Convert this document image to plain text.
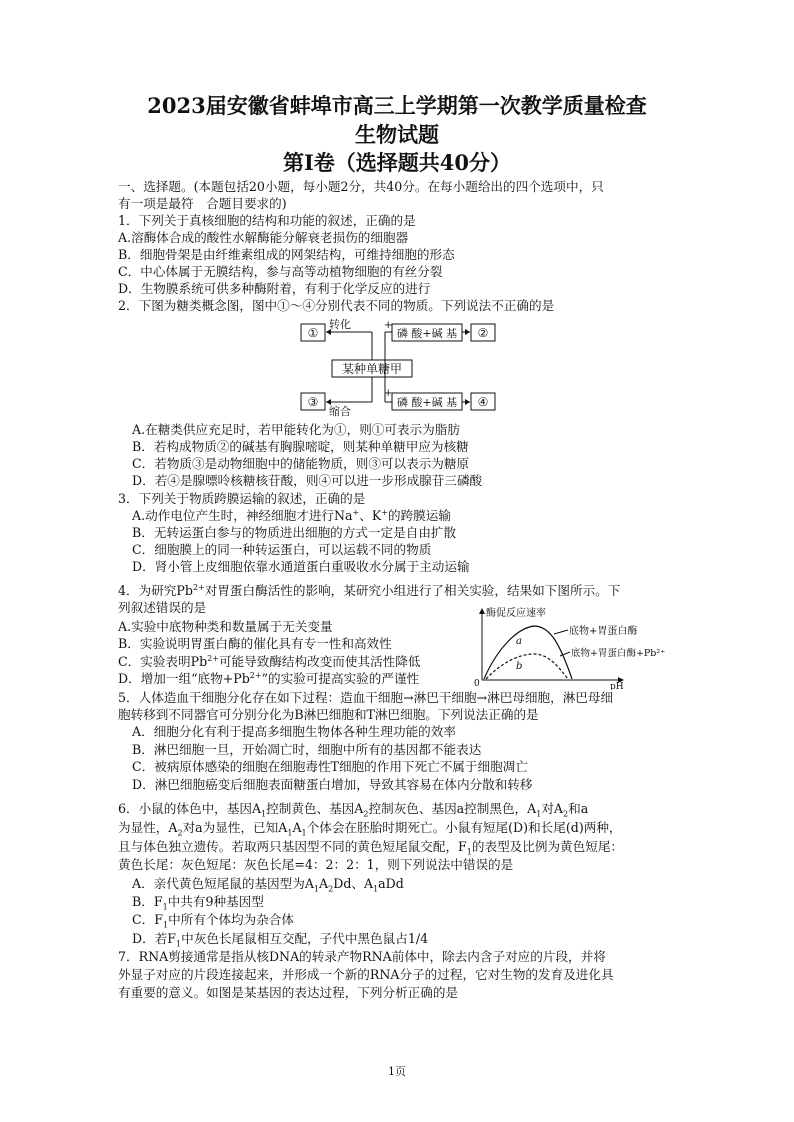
2023届安徽省蚌埠市高三上学期第一次教学质量检查
生物试题
第Ⅰ卷（选择题共40分）
一、选择题。(本题包括20小题，每小题2分，共40分。在每小题给出的四个选项中，只
有一项是最符　合题目要求的)
1．下列关于真核细胞的结构和功能的叙述，正确的是
A.溶酶体合成的酸性水解酶能分解衰老损伤的细胞器
B．细胞骨架是由纤维素组成的网架结构，可维持细胞的形态
C．中心体属于无膜结构，参与高等动植物细胞的有丝分裂
D．生物膜系统可供多种酶附着，有利于化学反应的进行
2．下图为糖类概念图，图中①～④分别代表不同的物质。下列说法不正确的是
①
③
某种单糖甲
转化
缩合
+
+
磷 酸+碱 基
磷 酸+碱 基
②
④
A.在糖类供应充足时，若甲能转化为①，则①可表示为脂肪
B．若构成物质②的碱基有胸腺嘧啶，则某种单糖甲应为核糖
C．若物质③是动物细胞中的储能物质，则③可以表示为糖原
D．若④是腺嘌呤核糖核苷酸，则④可以进一步形成腺苷三磷酸
3．下列关于物质跨膜运输的叙述，正确的是
A.动作电位产生时，神经细胞才进行Na+、K+的跨膜运输
B．无转运蛋白参与的物质进出细胞的方式一定是自由扩散
C．细胞膜上的同一种转运蛋白，可以运载不同的物质
D．肾小管上皮细胞依靠水通道蛋白重吸收水分属于主动运输
4．为研究$Pb^{2+}$对胃蛋白酶活性的影响，某研究小组进行了相关实验，结果如下图所示。下
列叙述错误的是
A.实验中底物种类和数量属于无关变量
B．实验说明胃蛋白酶的催化具有专一性和高效性
C．实验表明$Pb^{2+}$可能导致酶结构改变而使其活性降低
D．增加一组“底物$+Pb^{2+}$”的实验可提高实验的严谨性
酶促反应速率
pH
0
a
b
底物+胃蛋白酶
底物+胃蛋白酶+Pb²⁺
5．人体造血干细胞分化存在如下过程：造血干细胞→淋巴干细胞→淋巴母细胞，淋巴母细
胞转移到不同器官可分别分化为B淋巴细胞和T淋巴细胞。下列说法正确的是
A．细胞分化有利于提高多细胞生物体各种生理功能的效率
B．淋巴细胞一旦，开始凋亡时，细胞中所有的基因都不能表达
C．被病原体感染的细胞在细胞毒性T细胞的作用下死亡不属于细胞凋亡
D．淋巴细胞癌变后细胞表面糖蛋白增加，导致其容易在体内分散和转移
6．小鼠的体色中，基因$A_1$控制黄色、基因$A_2$控制灰色、基因a控制黑色，$A_1$对$A_2$和a
为显性，$A_2$对a为显性，已知$A_1A_1$个体会在胚胎时期死亡。小鼠有短尾(D)和长尾(d)两种，
且与体色独立遗传。若取两只基因型不同的黄色短尾鼠交配，$F_1$的表型及比例为黄色短尾：
黄色长尾：灰色短尾：灰色长尾=4：2：2：1，则下列说法中错误的是
A．亲代黄色短尾鼠的基因型为$A_1A_2Dd$、$A_1aDd$
B．$F_1$中共有9种基因型
C．$F_1$中所有个体均为杂合体
D．若$F_1$中灰色长尾鼠相互交配，子代中黑色鼠占1/4
7．RNA剪接通常是指从核DNA的转录产物RNA前体中，除去内含子对应的片段，并将
外显子对应的片段连接起来，并形成一个新的RNA分子的过程，它对生物的发育及进化具
有重要的意义。如图是某基因的表达过程，下列分析正确的是
1页
